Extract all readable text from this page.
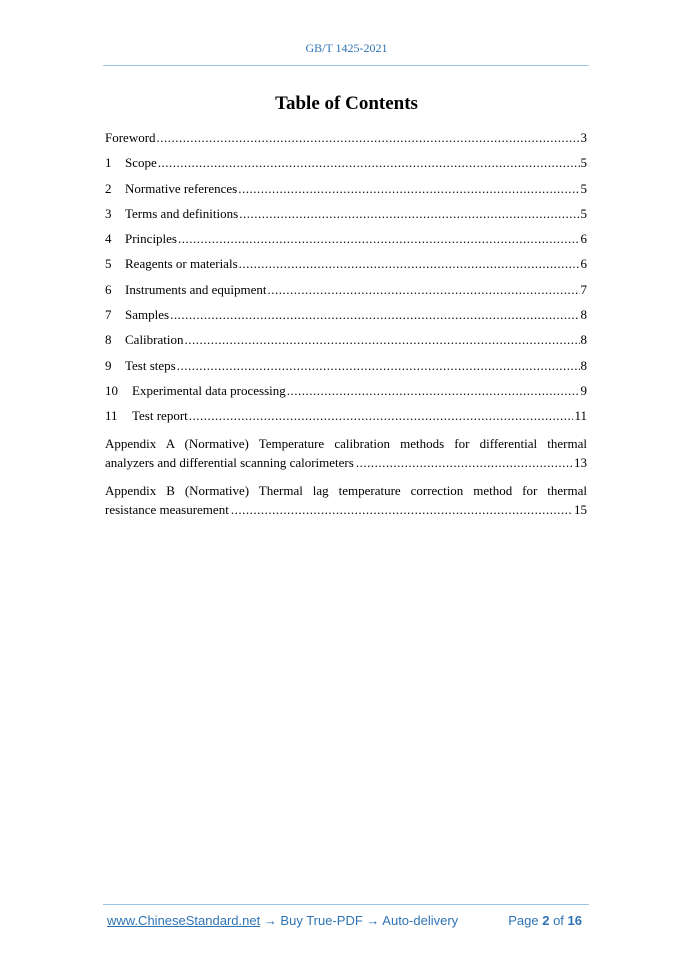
GB/T 1425-2021
Table of Contents
Foreword .....	3
1	Scope .....	5
2	Normative references .....	5
3	Terms and definitions .....	5
4	Principles .....	6
5	Reagents or materials .....	6
6	Instruments and equipment .....	7
7	Samples .....	8
8	Calibration .....	8
9	Test steps .....	8
10	Experimental data processing .....	9
11	Test report .....	11
Appendix A (Normative) Temperature calibration methods for differential thermal
analyzers and differential scanning calorimeters .....	13
Appendix B (Normative) Thermal lag temperature correction method for thermal
resistance measurement .....	15
www.ChineseStandard.net → Buy True-PDF → Auto-delivery	Page 2 of 16
